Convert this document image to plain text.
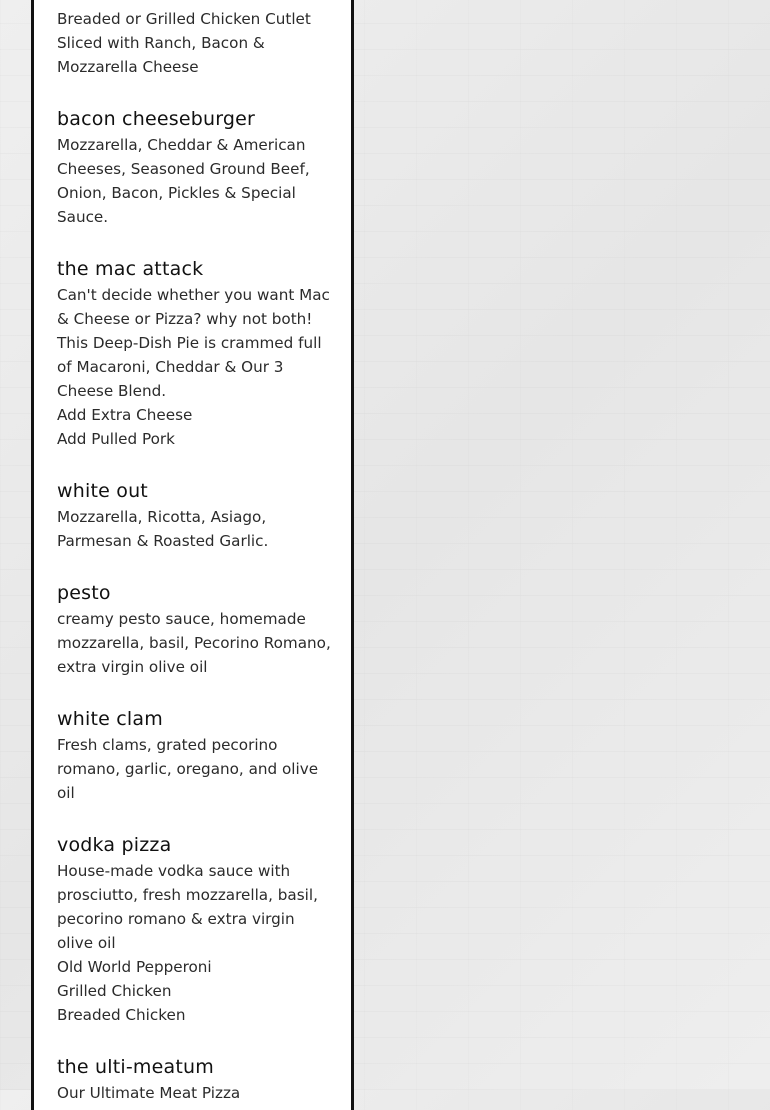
Breaded or Grilled Chicken Cutlet Sliced with Ranch, Bacon & Mozzarella Cheese

bacon cheeseburger

Mozzarella, Cheddar & American Cheeses, Seasoned Ground Beef, Onion, Bacon, Pickles & Special Sauce.

the mac attack

Can't decide whether you want Mac & Cheese or Pizza? why not both! This Deep-Dish Pie is crammed full of Macaroni, Cheddar & Our 3 Cheese Blend.

Add Extra Cheese
Add Pulled Pork
white out

Mozzarella, Ricotta, Asiago, Parmesan & Roasted Garlic.

pesto

creamy pesto sauce, homemade mozzarella, basil, Pecorino Romano, extra virgin olive oil

white clam

Fresh clams, grated pecorino romano, garlic, oregano, and olive oil

vodka pizza

House-made vodka sauce with prosciutto, fresh mozzarella, basil, pecorino romano & extra virgin olive oil

Old World Pepperoni
Grilled Chicken
Breaded Chicken
the ulti-meatum

Our Ultimate Meat Pizza
